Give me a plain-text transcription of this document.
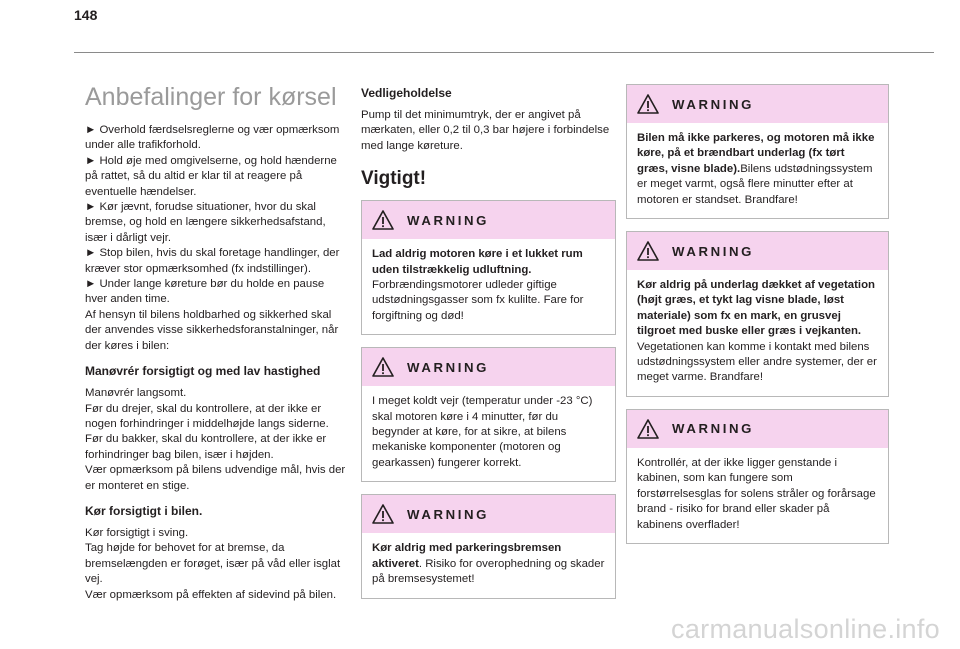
148
Anbefalinger for kørsel

► Overhold færdselsreglerne og vær opmærksom under alle trafikforhold.

► Hold øje med omgivelserne, og hold hænderne på rattet, så du altid er klar til at reagere på eventuelle hændelser.

► Kør jævnt, forudse situationer, hvor du skal bremse, og hold en længere sikkerhedsafstand, især i dårligt vejr.

► Stop bilen, hvis du skal foretage handlinger, der kræver stor opmærksomhed (fx indstillinger).

► Under lange køreture bør du holde en pause hver anden time.

Af hensyn til bilens holdbarhed og sikkerhed skal der anvendes visse sikkerhedsforanstalninger, når der køres i bilen:

Manøvrér forsigtigt og med lav hastighed

Manøvrér langsomt.

Før du drejer, skal du kontrollere, at der ikke er nogen forhindringer i middelhøjde langs siderne.

Før du bakker, skal du kontrollere, at der ikke er forhindringer bag bilen, især i højden.

Vær opmærksom på bilens udvendige mål, hvis der er monteret en stige.

Kør forsigtigt i bilen.

Kør forsigtigt i sving.

Tag højde for behovet for at bremse, da bremselængden er forøget, især på våd eller isglat vej.

Vær opmærksom på effekten af sidevind på bilen.

Vedligeholdelse

Pump til det minimumtryk, der er angivet på mærkaten, eller 0,2 til 0,3 bar højere i forbindelse med lange køreture.

Vigtigt!
WARNING
Lad aldrig motoren køre i et lukket rum uden tilstrækkelig udluftning.
Forbrændingsmotorer udleder giftige udstødningsgasser som fx kulilte. Fare for forgiftning og død!
WARNING
I meget koldt vejr (temperatur under -23 °C) skal motoren køre i 4 minutter, før du begynder at køre, for at sikre, at bilens mekaniske komponenter (motoren og gearkassen) fungerer korrekt.
WARNING
Kør aldrig med parkeringsbremsen aktiveret. Risiko for overophedning og skader på bremsesystemet!
WARNING
Bilen må ikke parkeres, og motoren må ikke køre, på et brændbart underlag (fx tørt græs, visne blade).Bilens udstødningssystem er meget varmt, også flere minutter efter at motoren er standset. Brandfare!
WARNING
Kør aldrig på underlag dækket af vegetation (højt græs, et tykt lag visne blade, løst materiale) som fx en mark, en grusvej tilgroet med buske eller græs i vejkanten.
Vegetationen kan komme i kontakt med bilens udstødningssystem eller andre systemer, der er meget varme. Brandfare!
WARNING
Kontrollér, at der ikke ligger genstande i kabinen, som kan fungere som forstørrelsesglas for solens stråler og forårsage brand - risiko for brand eller skader på kabinens overflader!
carmanualsonline.info
